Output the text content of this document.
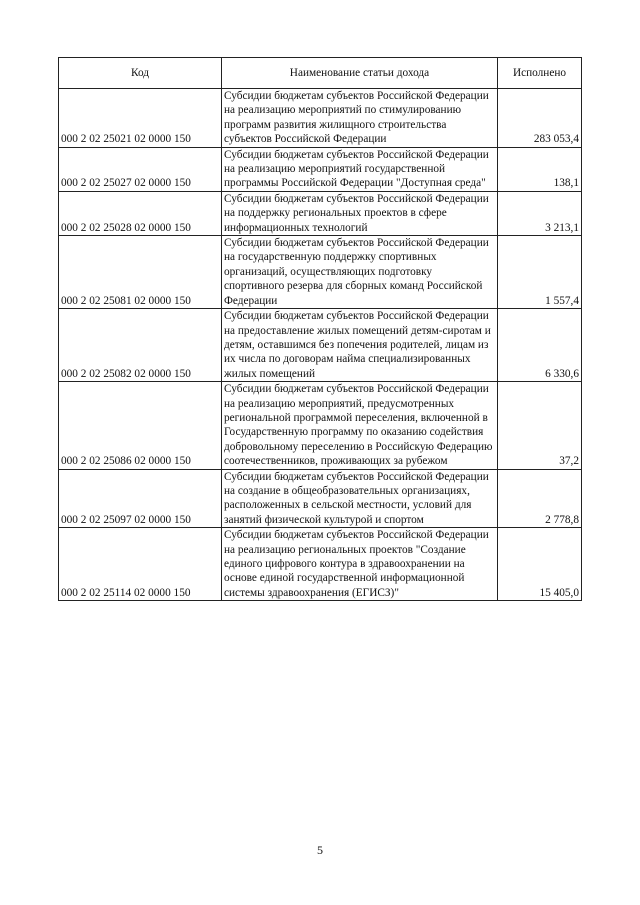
Код	Наименование статьи дохода	Исполнено
000 2 02 25021 02 0000 150	Субсидии бюджетам субъектов Российской Федерации на реализацию мероприятий по стимулированию программ развития жилищного строительства субъектов Российской Федерации	283 053,4
000 2 02 25027 02 0000 150	Субсидии бюджетам субъектов Российской Федерации на реализацию мероприятий государственной программы Российской Федерации "Доступная среда"	138,1
000 2 02 25028 02 0000 150	Субсидии бюджетам субъектов Российской Федерации на поддержку региональных проектов в сфере информационных технологий	3 213,1
000 2 02 25081 02 0000 150	Субсидии бюджетам субъектов Российской Федерации на государственную поддержку спортивных организаций, осуществляющих подготовку спортивного резерва для сборных команд Российской Федерации	1 557,4
000 2 02 25082 02 0000 150	Субсидии бюджетам субъектов Российской Федерации на предоставление жилых помещений детям-сиротам и детям, оставшимся без попечения родителей, лицам из их числа по договорам найма специализированных жилых помещений	6 330,6
000 2 02 25086 02 0000 150	Субсидии бюджетам субъектов Российской Федерации на реализацию мероприятий, предусмотренных региональной программой переселения, включенной в Государственную программу по оказанию содействия добровольному переселению в Российскую Федерацию соотечественников, проживающих за рубежом	37,2
000 2 02 25097 02 0000 150	Субсидии бюджетам субъектов Российской Федерации на создание в общеобразовательных организациях, расположенных в сельской местности, условий для занятий физической культурой и спортом	2 778,8
000 2 02 25114 02 0000 150	Субсидии бюджетам субъектов Российской Федерации на реализацию региональных проектов "Создание единого цифрового контура в здравоохранении на основе единой государственной информационной системы здравоохранения (ЕГИСЗ)"	15 405,0
5
